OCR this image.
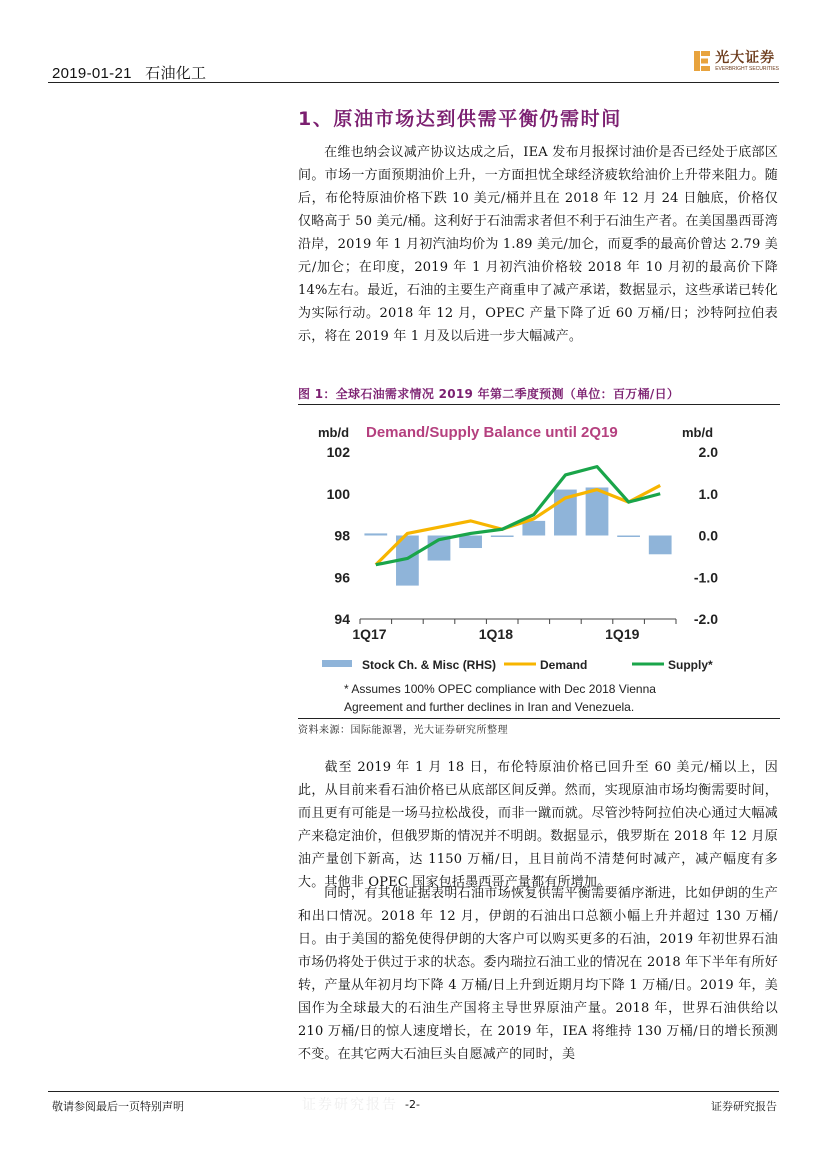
2019-01-21 石油化工
光大证券
EVERBRIGHT SECURITIES
1、原油市场达到供需平衡仍需时间

在维也纳会议减产协议达成之后，IEA 发布月报探讨油价是否已经处于底部区间。市场一方面预期油价上升，一方面担忧全球经济疲软给油价上升带来阻力。随后，布伦特原油价格下跌 10 美元/桶并且在 2018 年 12 月 24 日触底，价格仅仅略高于 50 美元/桶。这利好于石油需求者但不利于石油生产者。在美国墨西哥湾沿岸，2019 年 1 月初汽油均价为 1.89 美元/加仑，而夏季的最高价曾达 2.79 美元/加仑；在印度，2019 年 1 月初汽油价格较 2018 年 10 月初的最高价下降 14%左右。最近，石油的主要生产商重申了减产承诺，数据显示，这些承诺已转化为实际行动。2018 年 12 月，OPEC 产量下降了近 60 万桶/日；沙特阿拉伯表示，将在 2019 年 1 月及以后进一步大幅减产。

图 1：全球石油需求情况 2019 年第二季度预测（单位：百万桶/日）
Demand/Supply Balance until 2Q19
mb/d	mb/d
102
100
98
96
94
2.0
1.0
0.0
-1.0
-2.0
1Q17	1Q18	1Q19
Stock Ch. & Misc (RHS)	Demand	Supply*
* Assumes 100% OPEC compliance with Dec 2018 Vienna
Agreement and further declines in Iran and Venezuela.
资料来源：国际能源署，光大证券研究所整理

截至 2019 年 1 月 18 日，布伦特原油价格已回升至 60 美元/桶以上，因此，从目前来看石油价格已从底部区间反弹。然而，实现原油市场均衡需要时间，而且更有可能是一场马拉松战役，而非一蹴而就。尽管沙特阿拉伯决心通过大幅减产来稳定油价，但俄罗斯的情况并不明朗。数据显示，俄罗斯在 2018 年 12 月原油产量创下新高，达 1150 万桶/日，且目前尚不清楚何时减产，减产幅度有多大。其他非 OPEC 国家包括墨西哥产量都有所增加。

同时，有其他证据表明石油市场恢复供需平衡需要循序渐进，比如伊朗的生产和出口情况。2018 年 12 月，伊朗的石油出口总额小幅上升并超过 130 万桶/日。由于美国的豁免使得伊朗的大客户可以购买更多的石油，2019 年初世界石油市场仍将处于供过于求的状态。委内瑞拉石油工业的情况在 2018 年下半年有所好转，产量从年初月均下降 4 万桶/日上升到近期月均下降 1 万桶/日。2019 年，美国作为全球最大的石油生产国将主导世界原油产量。2018 年，世界石油供给以 210 万桶/日的惊人速度增长，在 2019 年，IEA 将维持 130 万桶/日的增长预测不变。在其它两大石油巨头自愿减产的同时，美

敬请参阅最后一页特别声明	证券研究报告 -2-	证券研究报告
